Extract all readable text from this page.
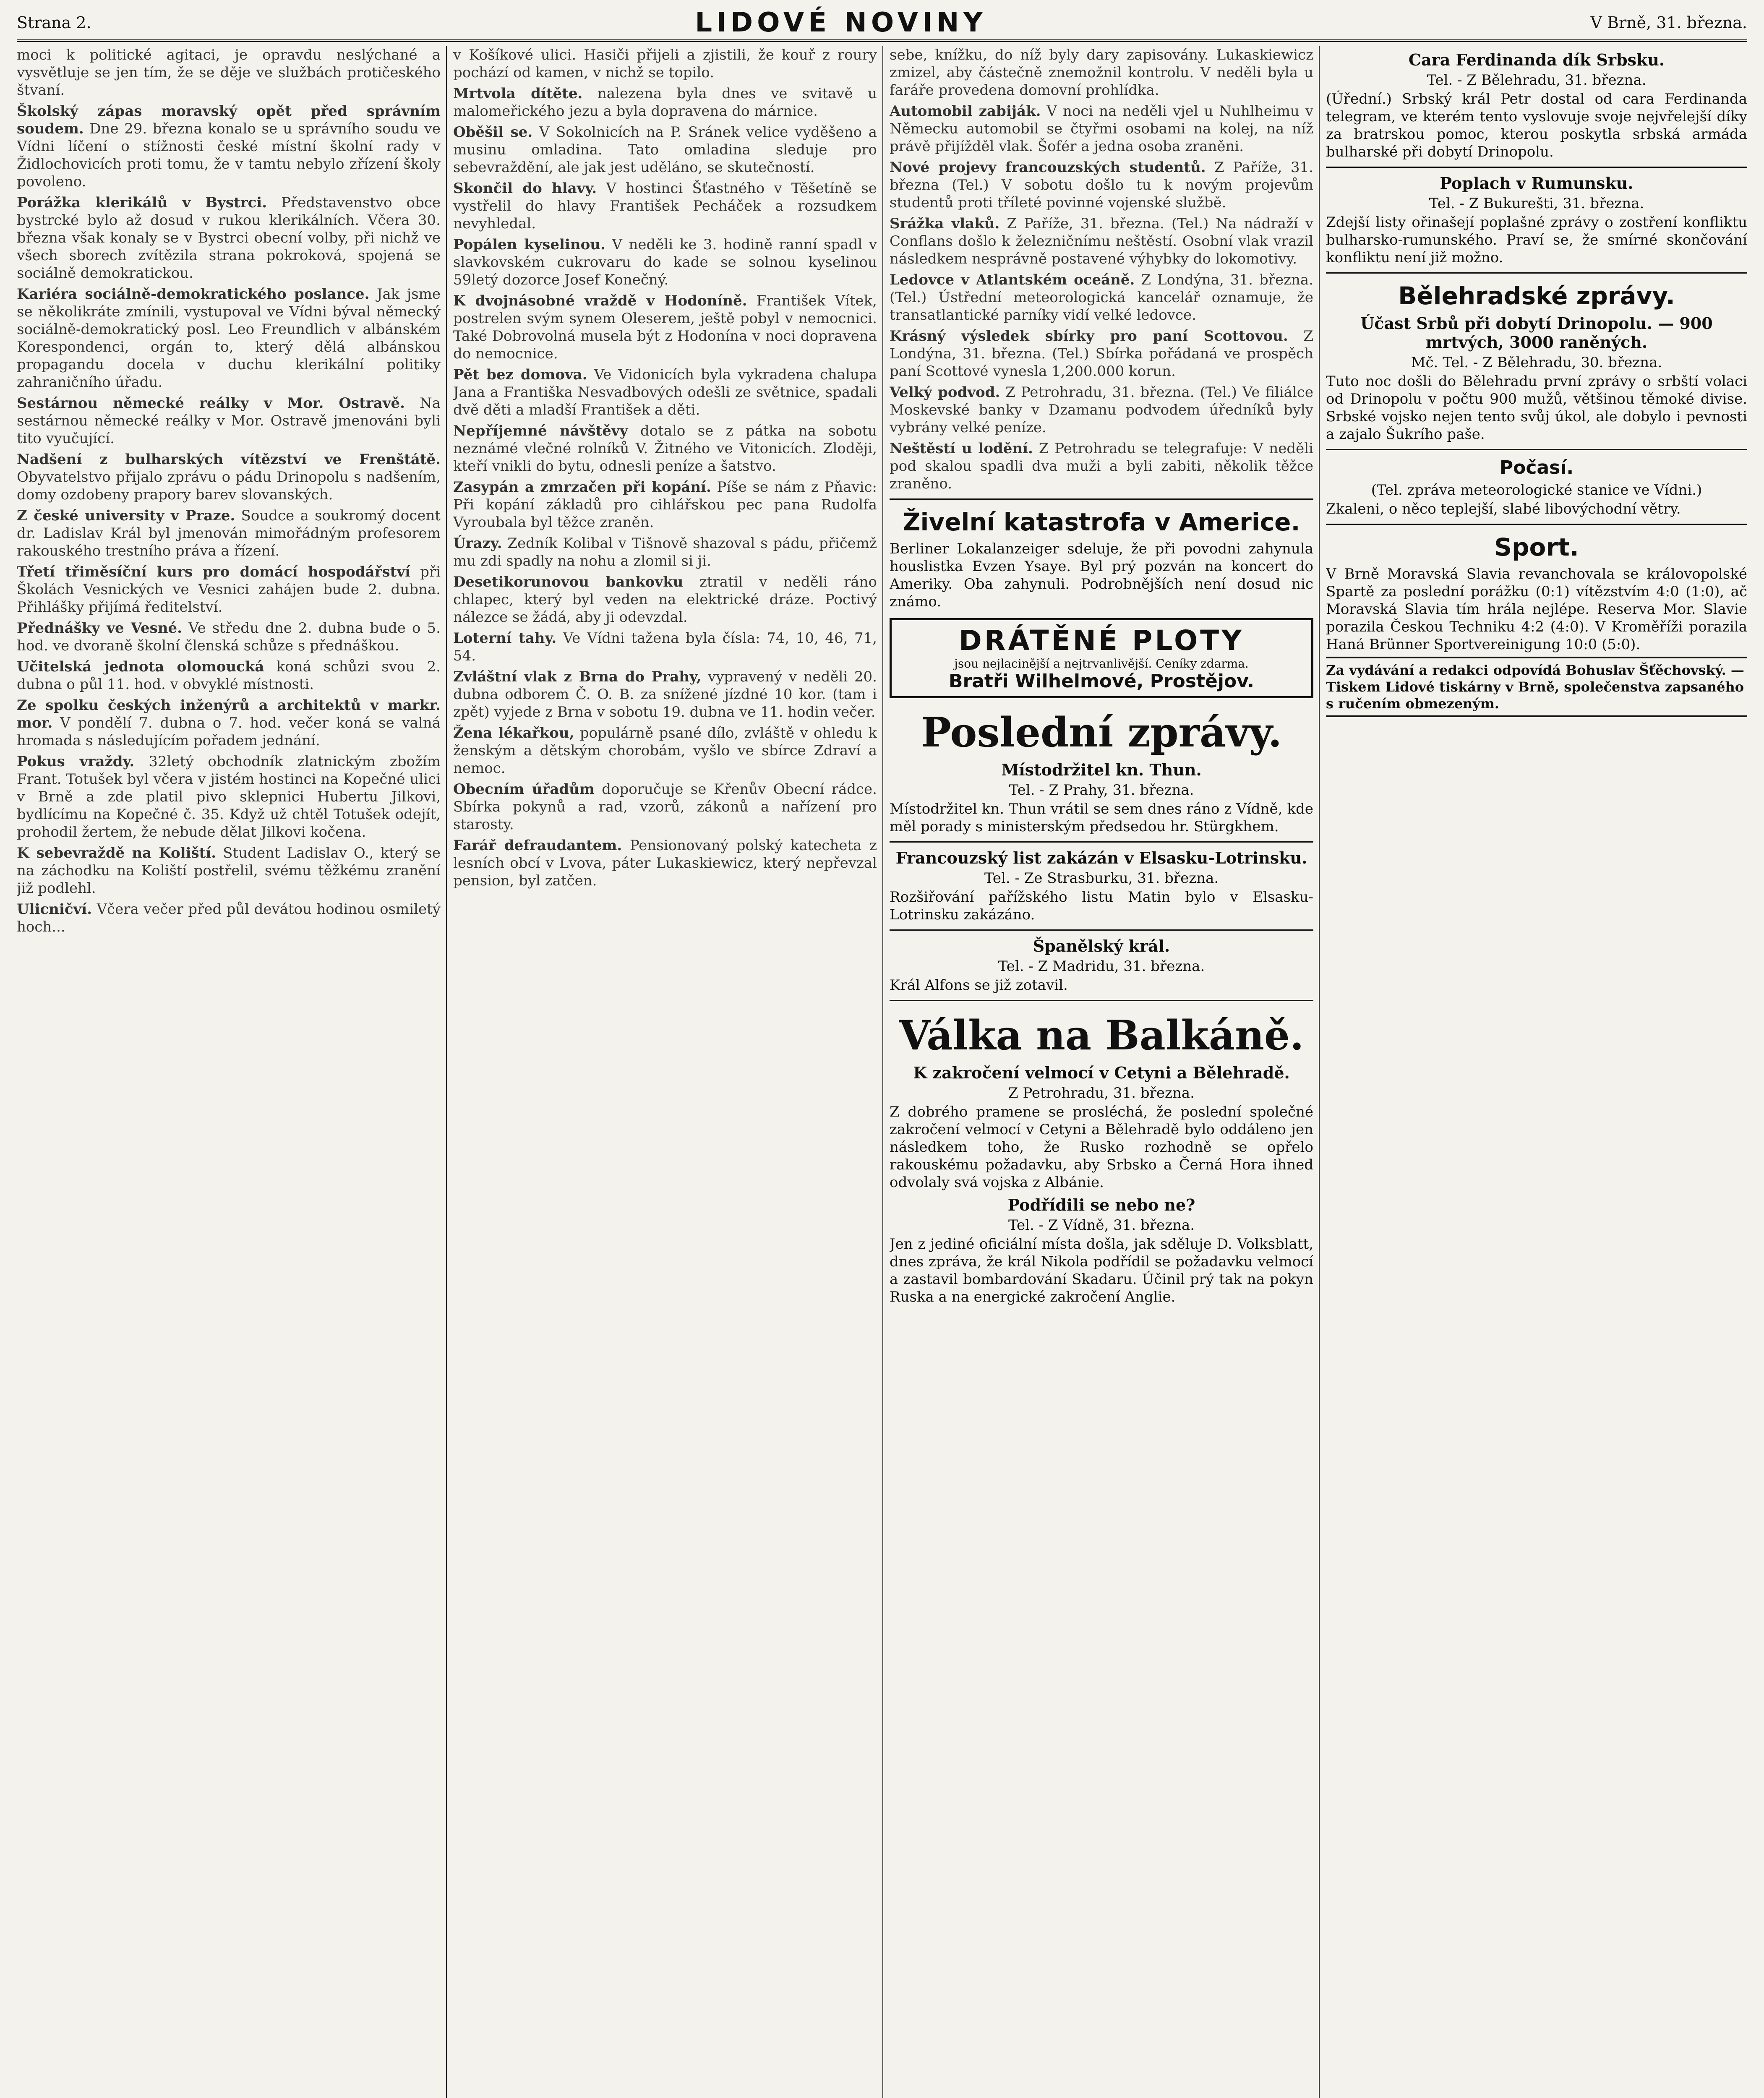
Strana 2.	LIDOVÉ NOVINY	V Brně, 31. března.

moci k politické agitaci, je opravdu neslýchané a vysvětluje se jen tím, že se děje ve službách protičeského štvaní.

Školský zápas moravský opět před správním soudem. Dne 29. března konalo se u správního soudu ve Vídni líčení o stížnosti české místní školní rady v Židlochovicích proti tomu, že v tamtu nebylo zřízení školy povoleno.

Porážka klerikálů v Bystrci. Představenstvo obce bystrcké bylo až dosud v rukou klerikálních. Včera 30. března však konaly se v Bystrci obecní volby, při nichž ve všech sborech zvítězila strana pokroková, spojená se sociálně demokratickou.

Kariéra sociálně-demokratického poslance. Jak jsme se několikráte zmínili, vystupoval ve Vídni býval německý sociálně-demokratický posl. Leo Freundlich v albánském Korespondenci, orgán to, který dělá albánskou propagandu docela v duchu klerikální politiky zahraničního úřadu.

Sestárnou německé reálky v Mor. Ostravě. Na sestárnou německé reálky v Mor. Ostravě jmenováni byli tito vyučující.

Nadšení z bulharských vítězství ve Frenštátě. Obyvatelstvo přijalo zprávu o pádu Drinopolu s nadšením, domy ozdobeny prapory barev slovanských.

Z české university v Praze. Soudce a soukromý docent dr. Ladislav Král byl jmenován mimořádným profesorem rakouského trestního práva a řízení.

Třetí třiměsíční kurs pro domácí hospodářství při Školách Vesnických ve Vesnici zahájen bude 2. dubna. Přihlášky přijímá ředitelství.

Přednášky ve Vesné. Ve středu dne 2. dubna bude o 5. hod. ve dvoraně školní členská schůze s přednáškou.

Učitelská jednota olomoucká koná schůzi svou 2. dubna o půl 11. hod. v obvyklé místnosti.

Ze spolku českých inženýrů a architektů v markr. mor. V pondělí 7. dubna o 7. hod. večer koná se valná hromada s následujícím pořadem jednání.

Pokus vraždy. 32letý obchodník zlatnickým zbožím Frant. Totušek byl včera v jistém hostinci na Kopečné ulici v Brně a zde platil pivo sklepnici Hubertu Jilkovi, bydlícímu na Kopečné č. 35. Když už chtěl Totušek odejít, prohodil žertem, že nebude dělat Jilkovi kočena.

K sebevraždě na Koliští. Student Ladislav O., který se na záchodku na Koliští postřelil, svému těžkému zranění již podlehl.

Ulicničví. Včera večer před půl devátou hodinou osmiletý hoch...

v Košíkové ulici. Hasiči přijeli a zjistili, že kouř z roury pochází od kamen, v nichž se topilo.

Mrtvola dítěte. nalezena byla dnes ve svitavě u malomeřického jezu a byla dopravena do márnice.

Oběšil se. V Sokolnicích na P. Sránek velice vyděšeno a musinu omladina. Tato omladina sleduje pro sebevraždění, ale jak jest uděláno, se skutečností.

Skončil do hlavy. V hostinci Šťastného v Těšetíně se vystřelil do hlavy František Pecháček a rozsudkem nevyhledal.

Popálen kyselinou. V neděli ke 3. hodině ranní spadl v slavkovském cukrovaru do kade se solnou kyselinou 59letý dozorce Josef Konečný.

K dvojnásobné vraždě v Hodoníně. František Vítek, postrelen svým synem Oleserem, ještě pobyl v nemocnici. Také Dobrovolná musela být z Hodonína v noci dopravena do nemocnice.

Pět bez domova. Ve Vidonicích byla vykradena chalupa Jana a Františka Nesvadbových odešli ze světnice, spadali dvě děti a mladší František a děti.

Nepříjemné návštěvy dotalo se z pátka na sobotu neznámé vlečné rolníků V. Žitného ve Vitonicích. Zloději, kteří vnikli do bytu, odnesli peníze a šatstvo.

Zasypán a zmrzačen při kopání. Píše se nám z Pňavic: Při kopání základů pro cihlářskou pec pana Rudolfa Vyroubala byl těžce zraněn.

Úrazy. Zedník Kolibal v Tišnově shazoval s pádu, přičemž mu zdi spadly na nohu a zlomil si ji.

Desetikorunovou bankovku ztratil v neděli ráno chlapec, který byl veden na elektrické dráze. Poctivý nálezce se žádá, aby ji odevzdal.

Loterní tahy. Ve Vídni tažena byla čísla: 74, 10, 46, 71, 54.

Zvláštní vlak z Brna do Prahy, vypravený v neděli 20. dubna odborem Č. O. B. za snížené jízdné 10 kor. (tam i zpět) vyjede z Brna v sobotu 19. dubna ve 11. hodin večer.

Žena lékařkou, populárně psané dílo, zvláště v ohledu k ženským a dětským chorobám, vyšlo ve sbírce Zdraví a nemoc.

Obecním úřadům doporučuje se Křenův Obecní rádce. Sbírka pokynů a rad, vzorů, zákonů a nařízení pro starosty.

Farář defraudantem. Pensionovaný polský katecheta z lesních obcí v Lvova, páter Lukaskiewicz, který nepřevzal pension, byl zatčen.

sebe, knížku, do níž byly dary zapisovány. Lukaskiewicz zmizel, aby částečně znemožnil kontrolu. V neděli byla u faráře provedena domovní prohlídka.

Automobil zabiják. V noci na neděli vjel u Nuhlheimu v Německu automobil se čtyřmi osobami na kolej, na níž právě přijížděl vlak. Šofér a jedna osoba zraněni.

Nové projevy francouzských studentů. Z Paříže, 31. března (Tel.) V sobotu došlo tu k novým projevům studentů proti tříleté povinné vojenské službě.

Srážka vlaků. Z Paříže, 31. března. (Tel.) Na nádraží v Conflans došlo k železničnímu neštěstí. Osobní vlak vrazil následkem nesprávně postavené výhybky do lokomotivy.

Ledovce v Atlantském oceáně. Z Londýna, 31. března. (Tel.) Ústřední meteorologická kancelář oznamuje, že transatlantické parníky vidí velké ledovce.

Krásný výsledek sbírky pro paní Scottovou. Z Londýna, 31. března. (Tel.) Sbírka pořádaná ve prospěch paní Scottové vynesla 1,200.000 korun.

Velký podvod. Z Petrohradu, 31. března. (Tel.) Ve filiálce Moskevské banky v Dzamanu podvodem úředníků byly vybrány velké peníze.

Neštěstí u lodění. Z Petrohradu se telegrafuje: V neděli pod skalou spadli dva muži a byli zabiti, několik těžce zraněno.

Živelní katastrofa v Americe.

Berliner Lokalanzeiger sdeluje, že při povodni zahynula houslistka Evzen Ysaye. Byl prý pozván na koncert do Ameriky. Oba zahynuli. Podrobnějších není dosud nic známo.

DRÁTĚNÉ PLOTY
jsou nejlacinější a nejtrvanlivější. Ceníky zdarma.
Bratři Wilhelmové, Prostějov.
Poslední zprávy.
Místodržitel kn. Thun.
Tel. - Z Prahy, 31. března.

Místodržitel kn. Thun vrátil se sem dnes ráno z Vídně, kde měl porady s ministerským předsedou hr. Stürgkhem.

Francouzský list zakázán v Elsasku-Lotrinsku.
Tel. - Ze Strasburku, 31. března.

Rozšiřování pařížského listu Matin bylo v Elsasku-Lotrinsku zakázáno.

Španělský král.
Tel. - Z Madridu, 31. března.

Král Alfons se již zotavil.

Válka na Balkáně.
K zakročení velmocí v Cetyni a Bělehradě.
Z Petrohradu, 31. března.

Z dobrého pramene se prosléchá, že poslední společné zakročení velmocí v Cetyni a Bělehradě bylo oddáleno jen následkem toho, že Rusko rozhodně se opřelo rakouskému požadavku, aby Srbsko a Černá Hora ihned odvolaly svá vojska z Albánie.

Podřídili se nebo ne?
Tel. - Z Vídně, 31. března.

Jen z jediné oficiální místa došla, jak sděluje D. Volksblatt, dnes zpráva, že král Nikola podřídil se požadavku velmocí a zastavil bombardování Skadaru. Účinil prý tak na pokyn Ruska a na energické zakročení Anglie.

Cara Ferdinanda dík Srbsku.
Tel. - Z Bělehradu, 31. března.

(Úřední.) Srbský král Petr dostal od cara Ferdinanda telegram, ve kterém tento vyslovuje svoje nejvřelejší díky za bratrskou pomoc, kterou poskytla srbská armáda bulharské při dobytí Drinopolu.

Poplach v Rumunsku.
Tel. - Z Bukurešti, 31. března.

Zdejší listy ořinašejí poplašné zprávy o zostření konfliktu bulharsko-rumunského. Praví se, že smírné skončování konfliktu není již možno.

Bělehradské zprávy.
Účast Srbů při dobytí Drinopolu. — 900 mrtvých, 3000 raněných.
Mč. Tel. - Z Bělehradu, 30. března.

Tuto noc došli do Bělehradu první zprávy o srbští volaci od Drinopolu v počtu 900 mužů, většinou těmoké divise. Srbské vojsko nejen tento svůj úkol, ale dobylo i pevnosti a zajalo Šukrího paše.

Počasí.
(Tel. zpráva meteorologické stanice ve Vídni.)

Zkaleni, o něco teplejší, slabé libovýchodní větry.

Sport.

V Brně Moravská Slavia revanchovala se královopolské Spartě za poslední porážku (0:1) vítězstvím 4:0 (1:0), ač Moravská Slavia tím hrála nejlépe. Reserva Mor. Slavie porazila Českou Techniku 4:2 (4:0). V Kroměříži porazila Haná Brünner Sportvereinigung 10:0 (5:0).

Za vydávání a redakci odpovídá Bohuslav Šťěchovský. — Tiskem Lidové tiskárny v Brně, společenstva zapsaného s ručením obmezeným.
